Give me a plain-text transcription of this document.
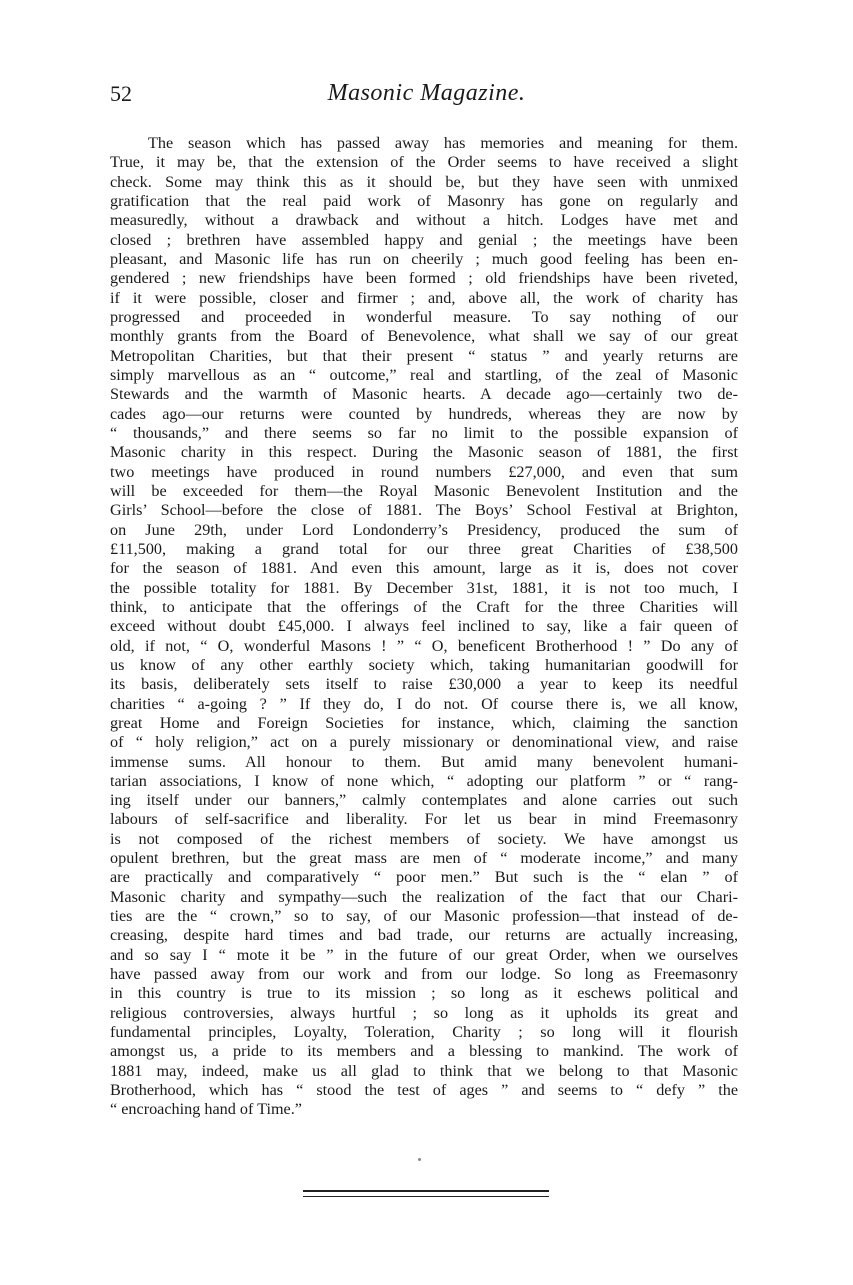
52	Masonic Magazine.
The season which has passed away has memories and meaning for them.
True, it may be, that the extension of the Order seems to have received a slight
check. Some may think this as it should be, but they have seen with unmixed
gratification that the real paid work of Masonry has gone on regularly and
measuredly, without a drawback and without a hitch. Lodges have met and
closed ; brethren have assembled happy and genial ; the meetings have been
pleasant, and Masonic life has run on cheerily ; much good feeling has been en-
gendered ; new friendships have been formed ; old friendships have been riveted,
if it were possible, closer and firmer ; and, above all, the work of charity has
progressed and proceeded in wonderful measure. To say nothing of our
monthly grants from the Board of Benevolence, what shall we say of our great
Metropolitan Charities, but that their present “ status ” and yearly returns are
simply marvellous as an “ outcome,” real and startling, of the zeal of Masonic
Stewards and the warmth of Masonic hearts. A decade ago—certainly two de-
cades ago—our returns were counted by hundreds, whereas they are now by
“ thousands,” and there seems so far no limit to the possible expansion of
Masonic charity in this respect. During the Masonic season of 1881, the first
two meetings have produced in round numbers £27,000, and even that sum
will be exceeded for them—the Royal Masonic Benevolent Institution and the
Girls’ School—before the close of 1881. The Boys’ School Festival at Brighton,
on June 29th, under Lord Londonderry’s Presidency, produced the sum of
£11,500, making a grand total for our three great Charities of £38,500
for the season of 1881. And even this amount, large as it is, does not cover
the possible totality for 1881. By December 31st, 1881, it is not too much, I
think, to anticipate that the offerings of the Craft for the three Charities will
exceed without doubt £45,000. I always feel inclined to say, like a fair queen of
old, if not, “ O, wonderful Masons ! ” “ O, beneficent Brotherhood ! ” Do any of
us know of any other earthly society which, taking humanitarian goodwill for
its basis, deliberately sets itself to raise £30,000 a year to keep its needful
charities “ a-going ? ” If they do, I do not. Of course there is, we all know,
great Home and Foreign Societies for instance, which, claiming the sanction
of “ holy religion,” act on a purely missionary or denominational view, and raise
immense sums. All honour to them. But amid many benevolent humani-
tarian associations, I know of none which, “ adopting our platform ” or “ rang-
ing itself under our banners,” calmly contemplates and alone carries out such
labours of self-sacrifice and liberality. For let us bear in mind Freemasonry
is not composed of the richest members of society. We have amongst us
opulent brethren, but the great mass are men of “ moderate income,” and many
are practically and comparatively “ poor men.” But such is the “ elan ” of
Masonic charity and sympathy—such the realization of the fact that our Chari-
ties are the “ crown,” so to say, of our Masonic profession—that instead of de-
creasing, despite hard times and bad trade, our returns are actually increasing,
and so say I “ mote it be ” in the future of our great Order, when we ourselves
have passed away from our work and from our lodge. So long as Freemasonry
in this country is true to its mission ; so long as it eschews political and
religious controversies, always hurtful ; so long as it upholds its great and
fundamental principles, Loyalty, Toleration, Charity ; so long will it flourish
amongst us, a pride to its members and a blessing to mankind. The work of
1881 may, indeed, make us all glad to think that we belong to that Masonic
Brotherhood, which has “ stood the test of ages ” and seems to “ defy ” the
“ encroaching hand of Time.”
